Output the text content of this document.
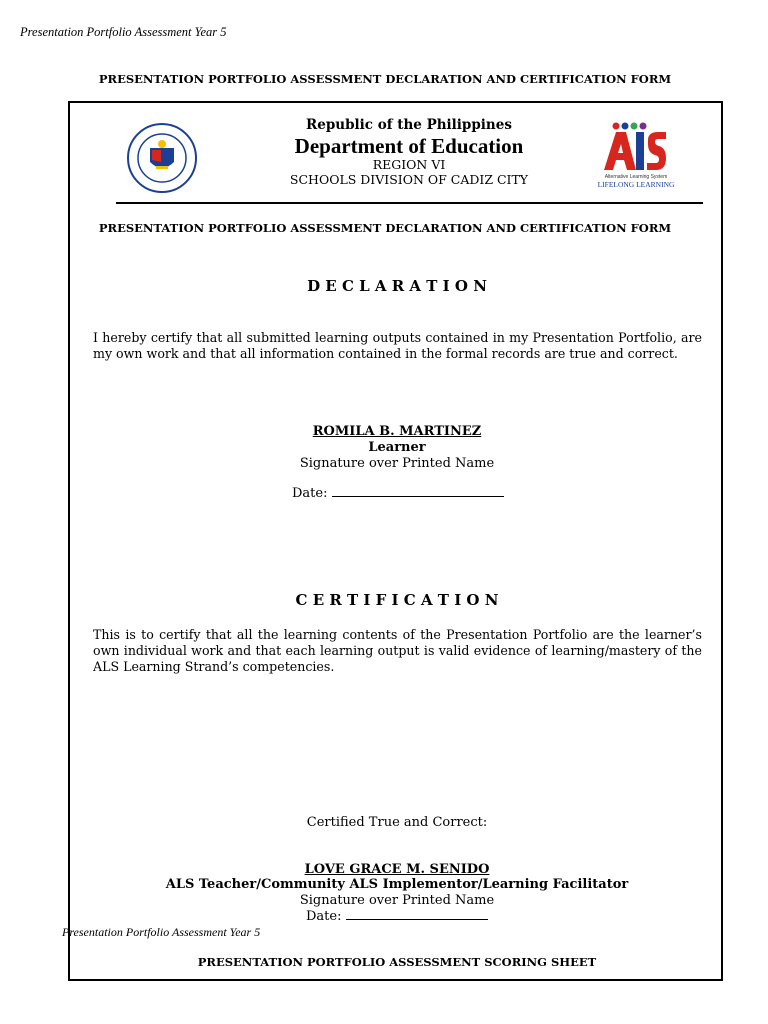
Presentation Portfolio Assessment Year 5
PRESENTATION PORTFOLIO ASSESSMENT DECLARATION AND CERTIFICATION FORM
Republic of the Philippines
Department of Education
REGION VI
SCHOOLS DIVISION OF CADIZ CITY	Alternative Learning System
LIFELONG LEARNING
PRESENTATION PORTFOLIO ASSESSMENT DECLARATION AND CERTIFICATION FORM
D E C L A R A T I O N
I hereby certify that all submitted learning outputs contained in my Presentation Portfolio, are my own work and that all information contained in the formal records are true and correct.
ROMILA B. MARTINEZ
Learner
Signature over Printed Name
Date:
C E R T I F I C A T I O N
This is to certify that all the learning contents of the Presentation Portfolio are the learner’s own individual work and that each learning output is valid evidence of learning/mastery of the ALS Learning Strand’s competencies.
Certified True and Correct:
LOVE GRACE M. SENIDO
ALS Teacher/Community ALS Implementor/Learning Facilitator
Signature over Printed Name
Date:
Presentation Portfolio Assessment Year 5
PRESENTATION PORTFOLIO ASSESSMENT SCORING SHEET
